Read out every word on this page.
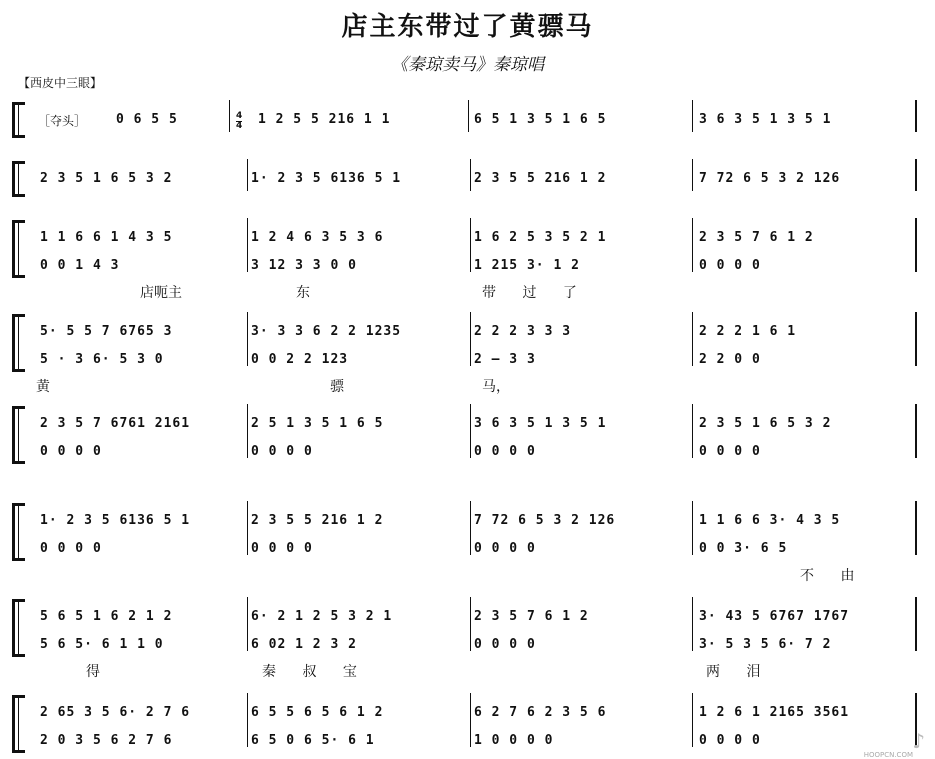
店主东带过了黄骠马
《秦琼卖马》秦琼唱
【西皮中三眼】
［夺头］	4
4
0 6 5 5	1 2 5 5 216 1 1	6 5 1 3 5 1 6 5	3 6 3 5 1 3 5 1
2 3 5 1 6 5 3 2	1· 2 3 5 6136 5 1	2 3 5 5 216 1 2	7 72 6 5 3 2 126
1 1 6 6 1 4 3 5	1 2 4 6 3 5 3 6	1 6 2 5 3 5 2 1	2 3 5 7 6 1 2
0 0 1 4 3	3 12 3 3 0 0	1 215 3· 1 2	0 0 0 0
店呃主	东	带 过 了
5· 5 5 7 6765 3	3· 3 3 6 2 2 1235	2 2 2 3 3 3	2 2 2 1 6 1
5 · 3 6· 5 3 0	0 0 2 2 123	2 – 3 3	2 2 0 0
黄	骠	马，
2 3 5 7 6761 2161	2 5 1 3 5 1 6 5	3 6 3 5 1 3 5 1	2 3 5 1 6 5 3 2
0 0 0 0	0 0 0 0	0 0 0 0	0 0 0 0
1· 2 3 5 6136 5 1	2 3 5 5 216 1 2	7 72 6 5 3 2 126	1 1 6 6 3· 4 3 5
0 0 0 0	0 0 0 0	0 0 0 0	0 0 3· 6 5
不 由
5 6 5 1 6 2 1 2	6· 2 1 2 5 3 2 1	2 3 5 7 6 1 2	3· 43 5 6767 1767
5 6 5· 6 1 1 0	6 02 1 2 3 2	0 0 0 0	3· 5 3 5 6· 7 2
得	秦 叔 宝	两 泪
2 65 3 5 6· 2 7 6	6 5 5 6 5 6 1 2	6 2 7 6 2 3 5 6	1 2 6 1 2165 3561
2 0 3 5 6 2 7 6	6 5 0 6 5· 6 1	1 0 0 0 0	0 0 0 0	♪
HOOPCN.COM
